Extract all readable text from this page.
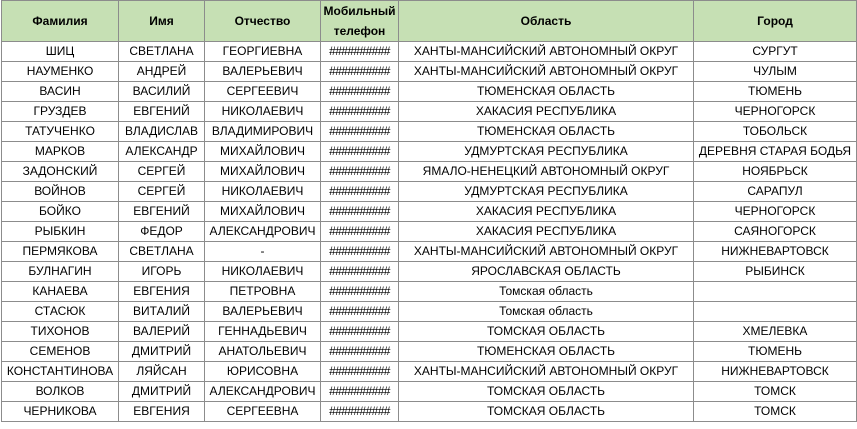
Фамилия	Имя	Отчество	Мобильный телефон	Область	Город
ШИЦ	СВЕТЛАНА	ГЕОРГИЕВНА	##########	ХАНТЫ-МАНСИЙСКИЙ АВТОНОМНЫЙ ОКРУГ	СУРГУТ
НАУМЕНКО	АНДРЕЙ	ВАЛЕРЬЕВИЧ	##########	ХАНТЫ-МАНСИЙСКИЙ АВТОНОМНЫЙ ОКРУГ	ЧУЛЫМ
ВАСИН	ВАСИЛИЙ	СЕРГЕЕВИЧ	##########	ТЮМЕНСКАЯ ОБЛАСТЬ	ТЮМЕНЬ
ГРУЗДЕВ	ЕВГЕНИЙ	НИКОЛАЕВИЧ	##########	ХАКАСИЯ РЕСПУБЛИКА	ЧЕРНОГОРСК
ТАТУЧЕНКО	ВЛАДИСЛАВ	ВЛАДИМИРОВИЧ	##########	ТЮМЕНСКАЯ ОБЛАСТЬ	ТОБОЛЬСК
МАРКОВ	АЛЕКСАНДР	МИХАЙЛОВИЧ	##########	УДМУРТСКАЯ РЕСПУБЛИКА	ДЕРЕВНЯ СТАРАЯ БОДЬЯ
ЗАДОНСКИЙ	СЕРГЕЙ	МИХАЙЛОВИЧ	##########	ЯМАЛО-НЕНЕЦКИЙ АВТОНОМНЫЙ ОКРУГ	НОЯБРЬСК
ВОЙНОВ	СЕРГЕЙ	НИКОЛАЕВИЧ	##########	УДМУРТСКАЯ РЕСПУБЛИКА	САРАПУЛ
БОЙКО	ЕВГЕНИЙ	МИХАЙЛОВИЧ	##########	ХАКАСИЯ РЕСПУБЛИКА	ЧЕРНОГОРСК
РЫБКИН	ФЕДОР	АЛЕКСАНДРОВИЧ	##########	ХАКАСИЯ РЕСПУБЛИКА	САЯНОГОРСК
ПЕРМЯКОВА	СВЕТЛАНА	-	##########	ХАНТЫ-МАНСИЙСКИЙ АВТОНОМНЫЙ ОКРУГ	НИЖНЕВАРТОВСК
БУЛНАГИН	ИГОРЬ	НИКОЛАЕВИЧ	##########	ЯРОСЛАВСКАЯ ОБЛАСТЬ	РЫБИНСК
КАНАЕВА	ЕВГЕНИЯ	ПЕТРОВНА	##########	Томская область	
СТАСЮК	ВИТАЛИЙ	ВАЛЕРЬЕВИЧ	##########	Томская область	
ТИХОНОВ	ВАЛЕРИЙ	ГЕННАДЬЕВИЧ	##########	ТОМСКАЯ ОБЛАСТЬ	ХМЕЛЕВКА
СЕМЕНОВ	ДМИТРИЙ	АНАТОЛЬЕВИЧ	##########	ТЮМЕНСКАЯ ОБЛАСТЬ	ТЮМЕНЬ
КОНСТАНТИНОВА	ЛЯЙСАН	ЮРИСОВНА	##########	ХАНТЫ-МАНСИЙСКИЙ АВТОНОМНЫЙ ОКРУГ	НИЖНЕВАРТОВСК
ВОЛКОВ	ДМИТРИЙ	АЛЕКСАНДРОВИЧ	##########	ТОМСКАЯ ОБЛАСТЬ	ТОМСК
ЧЕРНИКОВА	ЕВГЕНИЯ	СЕРГЕЕВНА	##########	ТОМСКАЯ ОБЛАСТЬ	ТОМСК
